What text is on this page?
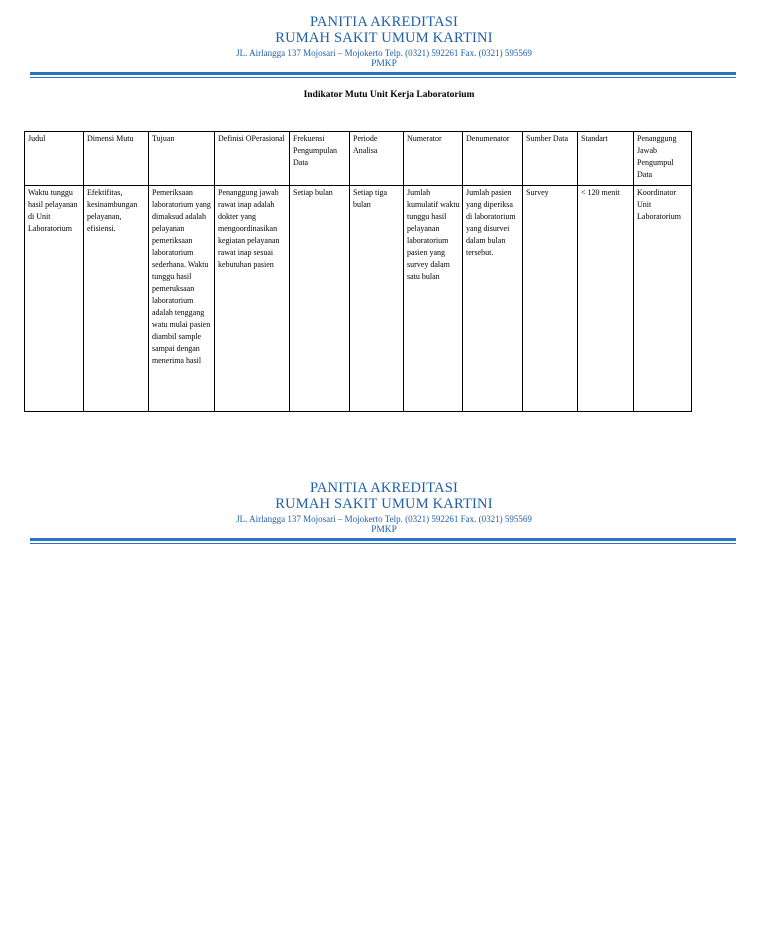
PANITIA AKREDITASI
RUMAH SAKIT UMUM KARTINI
JL. Airlangga 137 Mojosari – Mojokerto Telp. (0321) 592261 Fax. (0321) 595569
PMKP
Indikator Mutu Unit Kerja Laboratorium
Judul	Dimensi Mutu	Tujuan	Definisi OPerasional	Frekuensi Pengumpulan Data	Periode Analisa	Numerator	Denumenator	Sumber Data	Standart	Penanggung Jawab Pengumpul Data
Waktu tunggu hasil pelayanan di Unit Laboratorium	Efektifitas, kesinambungan pelayanan, efisiensi.	Pemeriksaan laboratorium yang dimaksud adalah pelayanan pemeriksaan laboratorium sederhana. Waktu tunggu hasil pemeruksaan laboratorium adalah tenggang watu mulai pasien diambil sample sampai dengan menerima hasil	Penanggung jawab rawat inap adalah dokter yang mengoordinasikan kegiatan pelayanan rawat inap sesuai kebutuhan pasien	Setiap bulan	Setiap tiga bulan	Jumlah kumulatif waktu tunggu hasil pelayanan laboratorium pasien yang survey dalam satu bulan	Jumlah pasien yang diperiksa di laboratorium yang disurvei dalam bulan tersebut.	Survey	< 120 menit	Koordinator Unit Laboratorium
PANITIA AKREDITASI
RUMAH SAKIT UMUM KARTINI
JL. Airlangga 137 Mojosari – Mojokerto Telp. (0321) 592261 Fax. (0321) 595569
PMKP
